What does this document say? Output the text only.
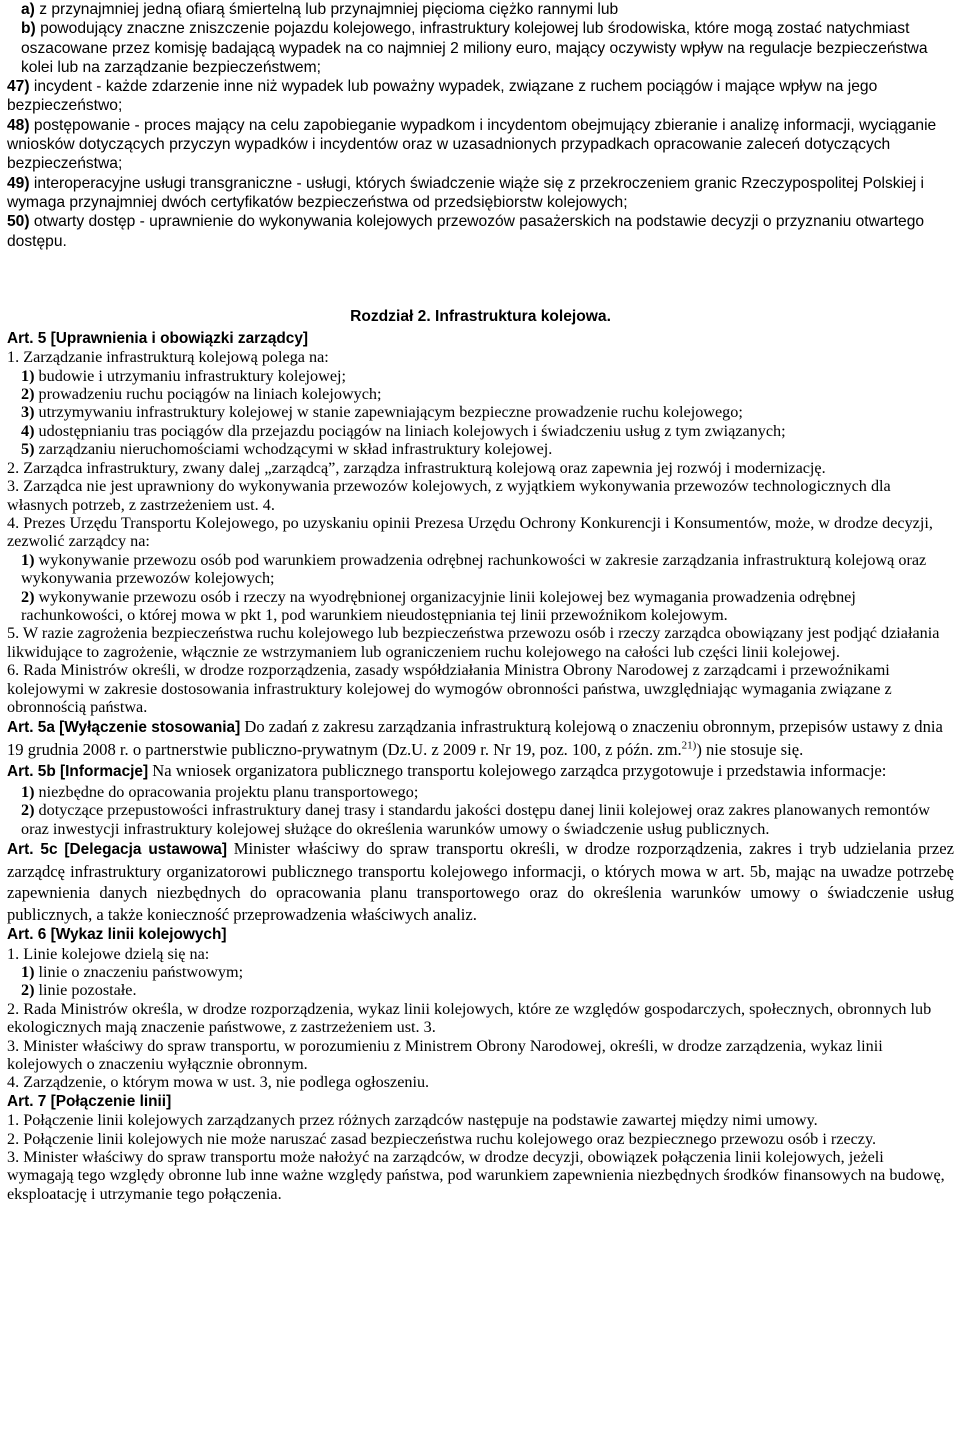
a) z przynajmniej jedną ofiarą śmiertelną lub przynajmniej pięcioma ciężko rannymi lub

b) powodujący znaczne zniszczenie pojazdu kolejowego, infrastruktury kolejowej lub środowiska, które mogą zostać natychmiast oszacowane przez komisję badającą wypadek na co najmniej 2 miliony euro, mający oczywisty wpływ na regulacje bezpieczeństwa kolei lub na zarządzanie bezpieczeństwem;

47) incydent - każde zdarzenie inne niż wypadek lub poważny wypadek, związane z ruchem pociągów i mające wpływ na jego bezpieczeństwo;

48) postępowanie - proces mający na celu zapobieganie wypadkom i incydentom obejmujący zbieranie i analizę informacji, wyciąganie wniosków dotyczących przyczyn wypadków i incydentów oraz w uzasadnionych przypadkach opracowanie zaleceń dotyczących bezpieczeństwa;

49) interoperacyjne usługi transgraniczne - usługi, których świadczenie wiąże się z przekroczeniem granic Rzeczypospolitej Polskiej i wymaga przynajmniej dwóch certyfikatów bezpieczeństwa od przedsiębiorstw kolejowych;

50) otwarty dostęp - uprawnienie do wykonywania kolejowych przewozów pasażerskich na podstawie decyzji o przyznaniu otwartego dostępu.

Rozdział 2. Infrastruktura kolejowa.

Art. 5 [Uprawnienia i obowiązki zarządcy]

1. Zarządzanie infrastrukturą kolejową polega na:

1) budowie i utrzymaniu infrastruktury kolejowej;

2) prowadzeniu ruchu pociągów na liniach kolejowych;

3) utrzymywaniu infrastruktury kolejowej w stanie zapewniającym bezpieczne prowadzenie ruchu kolejowego;

4) udostępnianiu tras pociągów dla przejazdu pociągów na liniach kolejowych i świadczeniu usług z tym związanych;

5) zarządzaniu nieruchomościami wchodzącymi w skład infrastruktury kolejowej.

2. Zarządca infrastruktury, zwany dalej „zarządcą”, zarządza infrastrukturą kolejową oraz zapewnia jej rozwój i modernizację.

3. Zarządca nie jest uprawniony do wykonywania przewozów kolejowych, z wyjątkiem wykonywania przewozów technologicznych dla własnych potrzeb, z zastrzeżeniem ust. 4.

4. Prezes Urzędu Transportu Kolejowego, po uzyskaniu opinii Prezesa Urzędu Ochrony Konkurencji i Konsumentów, może, w drodze decyzji, zezwolić zarządcy na:

1) wykonywanie przewozu osób pod warunkiem prowadzenia odrębnej rachunkowości w zakresie zarządzania infrastrukturą kolejową oraz wykonywania przewozów kolejowych;

2) wykonywanie przewozu osób i rzeczy na wyodrębnionej organizacyjnie linii kolejowej bez wymagania prowadzenia odrębnej rachunkowości, o której mowa w pkt 1, pod warunkiem nieudostępniania tej linii przewoźnikom kolejowym.

5. W razie zagrożenia bezpieczeństwa ruchu kolejowego lub bezpieczeństwa przewozu osób i rzeczy zarządca obowiązany jest podjąć działania likwidujące to zagrożenie, włącznie ze wstrzymaniem lub ograniczeniem ruchu kolejowego na całości lub części linii kolejowej.

6. Rada Ministrów określi, w drodze rozporządzenia, zasady współdziałania Ministra Obrony Narodowej z zarządcami i przewoźnikami kolejowymi w zakresie dostosowania infrastruktury kolejowej do wymogów obronności państwa, uwzględniając wymagania związane z obronnością państwa.

Art. 5a [Wyłączenie stosowania] Do zadań z zakresu zarządzania infrastrukturą kolejową o znaczeniu obronnym, przepisów ustawy z dnia 19 grudnia 2008 r. o partnerstwie publiczno-prywatnym (Dz.U. z 2009 r. Nr 19, poz. 100, z późn. zm.$^{21)}$) nie stosuje się.

Art. 5b [Informacje] Na wniosek organizatora publicznego transportu kolejowego zarządca przygotowuje i przedstawia informacje:

1) niezbędne do opracowania projektu planu transportowego;

2) dotyczące przepustowości infrastruktury danej trasy i standardu jakości dostępu danej linii kolejowej oraz zakres planowanych remontów oraz inwestycji infrastruktury kolejowej służące do określenia warunków umowy o świadczenie usług publicznych.

Art. 5c [Delegacja ustawowa] Minister właściwy do spraw transportu określi, w drodze rozporządzenia, zakres i tryb udzielania przez zarządcę infrastruktury organizatorowi publicznego transportu kolejowego informacji, o których mowa w art. 5b, mając na uwadze potrzebę zapewnienia danych niezbędnych do opracowania planu transportowego oraz do określenia warunków umowy o świadczenie usług publicznych, a także konieczność przeprowadzenia właściwych analiz.

Art. 6 [Wykaz linii kolejowych]

1. Linie kolejowe dzielą się na:

1) linie o znaczeniu państwowym;

2) linie pozostałe.

2. Rada Ministrów określa, w drodze rozporządzenia, wykaz linii kolejowych, które ze względów gospodarczych, społecznych, obronnych lub ekologicznych mają znaczenie państwowe, z zastrzeżeniem ust. 3.

3. Minister właściwy do spraw transportu, w porozumieniu z Ministrem Obrony Narodowej, określi, w drodze zarządzenia, wykaz linii kolejowych o znaczeniu wyłącznie obronnym.

4. Zarządzenie, o którym mowa w ust. 3, nie podlega ogłoszeniu.

Art. 7 [Połączenie linii]

1. Połączenie linii kolejowych zarządzanych przez różnych zarządców następuje na podstawie zawartej między nimi umowy.

2. Połączenie linii kolejowych nie może naruszać zasad bezpieczeństwa ruchu kolejowego oraz bezpiecznego przewozu osób i rzeczy.

3. Minister właściwy do spraw transportu może nałożyć na zarządców, w drodze decyzji, obowiązek połączenia linii kolejowych, jeżeli wymagają tego względy obronne lub inne ważne względy państwa, pod warunkiem zapewnienia niezbędnych środków finansowych na budowę, eksploatację i utrzymanie tego połączenia.
